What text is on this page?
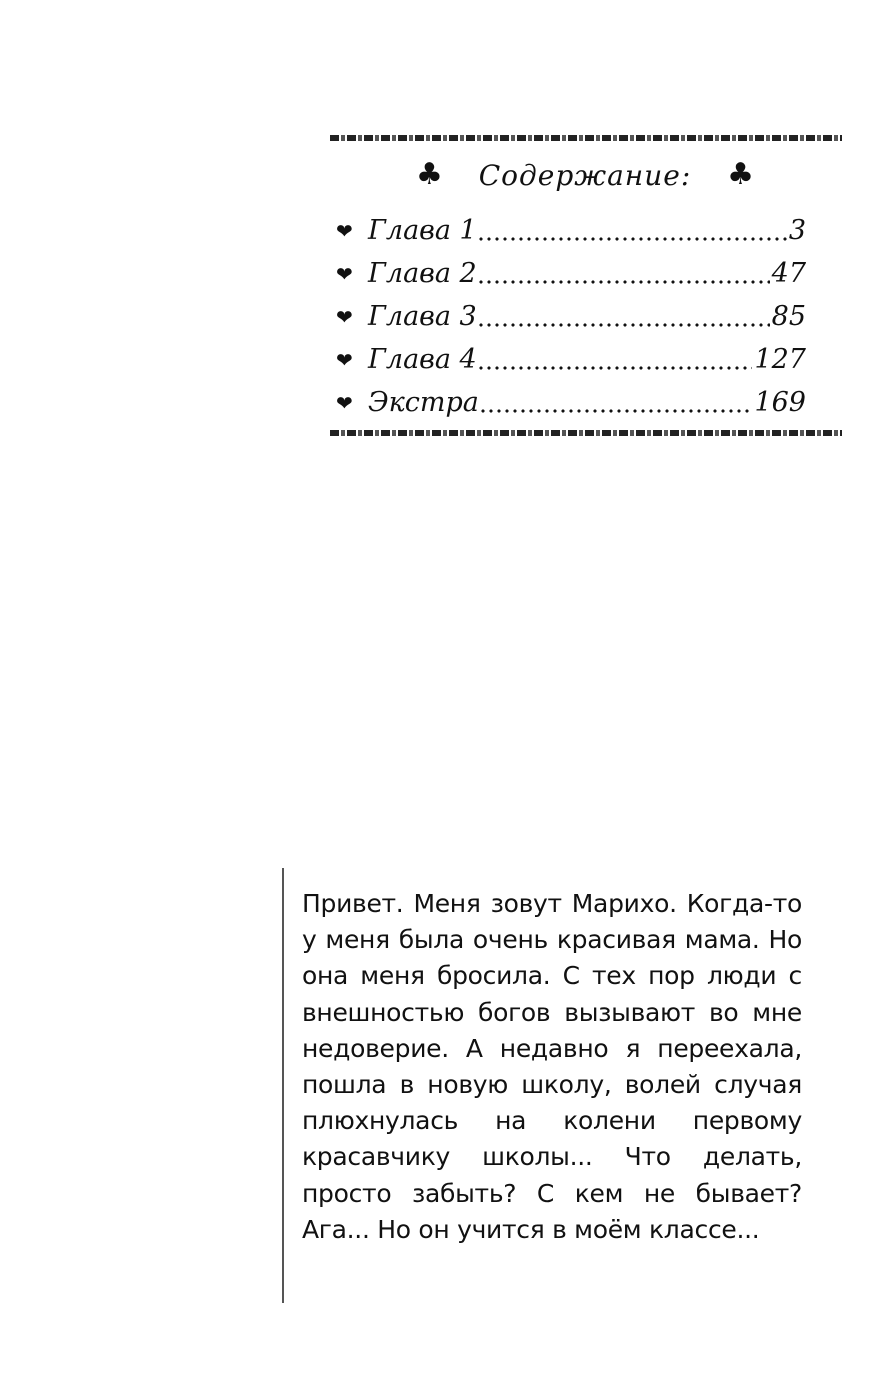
♣ Содержание: ♣
❤ Глава 1	3
❤ Глава 2	47
❤ Глава 3	85
❤ Глава 4	127
❤ Экстра	169

Привет. Меня зовут Марихо. Когда-то у меня была очень красивая мама. Но она меня бросила. С тех пор люди с внешностью богов вызывают во мне недоверие. А недавно я переехала, пошла в новую школу, волей случая плюхнулась на колени первому красавчику школы... Что делать, просто забыть? С кем не бывает? Ага... Но он учится в моём классе...
